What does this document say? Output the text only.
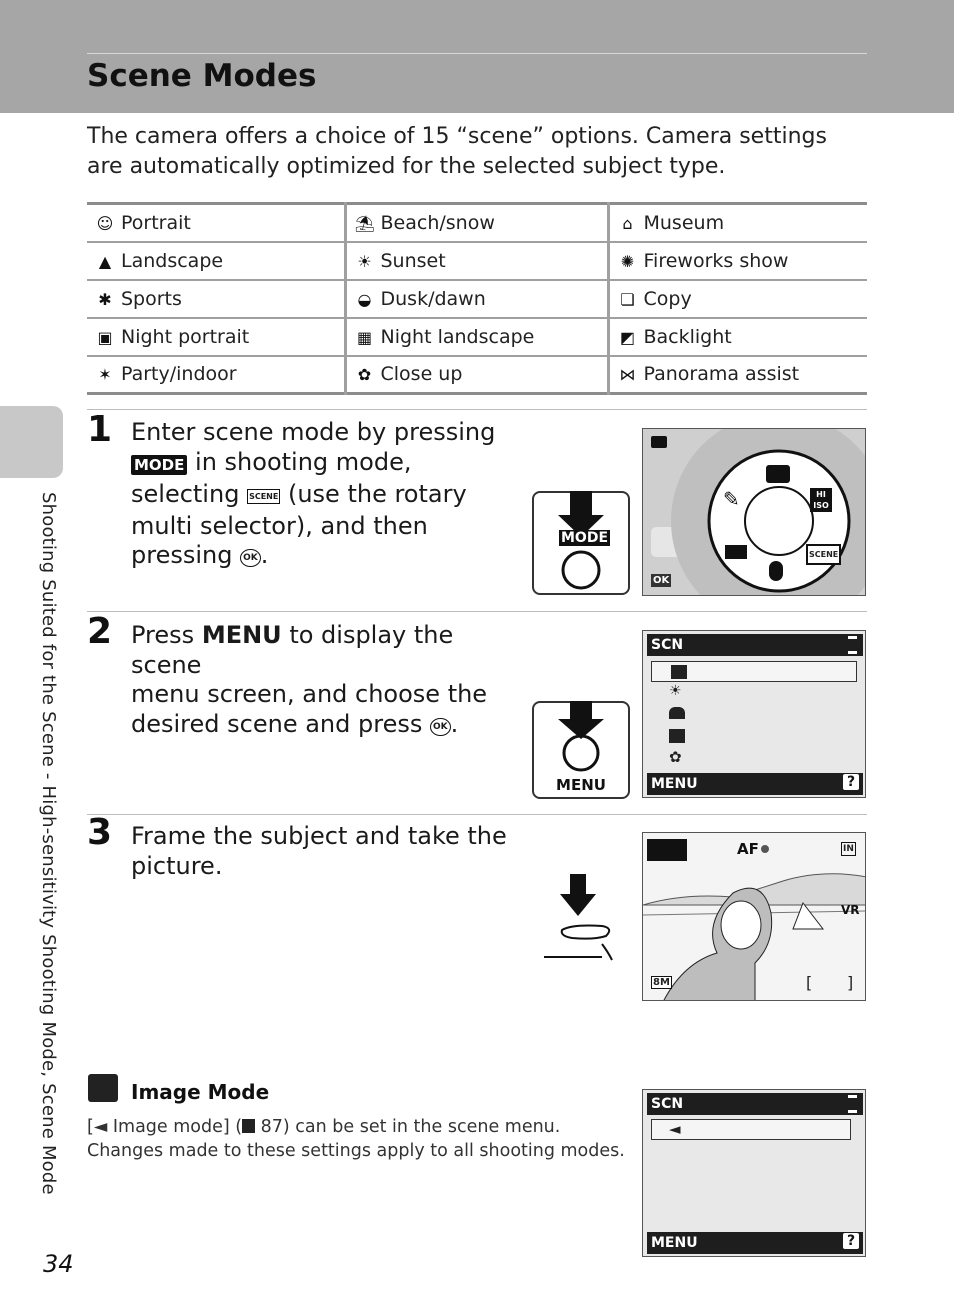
Scene Modes

The camera offers a choice of 15 “scene” options. Camera settings are automatically optimized for the selected subject type.

☺ Portrait	⛱ Beach/snow	⌂ Museum
▲ Landscape	☀ Sunset	✺ Fireworks show
✱ Sports	◒ Dusk/dawn	❏ Copy
▣ Night portrait	▦ Night landscape	◩ Backlight
✶ Party/indoor	✿ Close up	⋈ Panorama assist
Shooting Suited for the Scene - High-sensitivity Shooting Mode, Scene Mode
1 Enter scene mode by pressing
MODE in shooting mode,
selecting SCENE (use the rotary
multi selector), and then
pressing OK .
MODE
HI ISO
SCENE
✎
OK
2 Press MENU to display the scene
menu screen, and choose the
desired scene and press OK .
MENU
SCN
☀
✿
MENU	?
3 Frame the subject and take the
picture.
AF	IN
VR
8M	[ ]
Image Mode
[◄ Image mode] ( 87) can be set in the scene menu.
Changes made to these settings apply to all shooting modes.
SCN
◄
MENU	?
34
